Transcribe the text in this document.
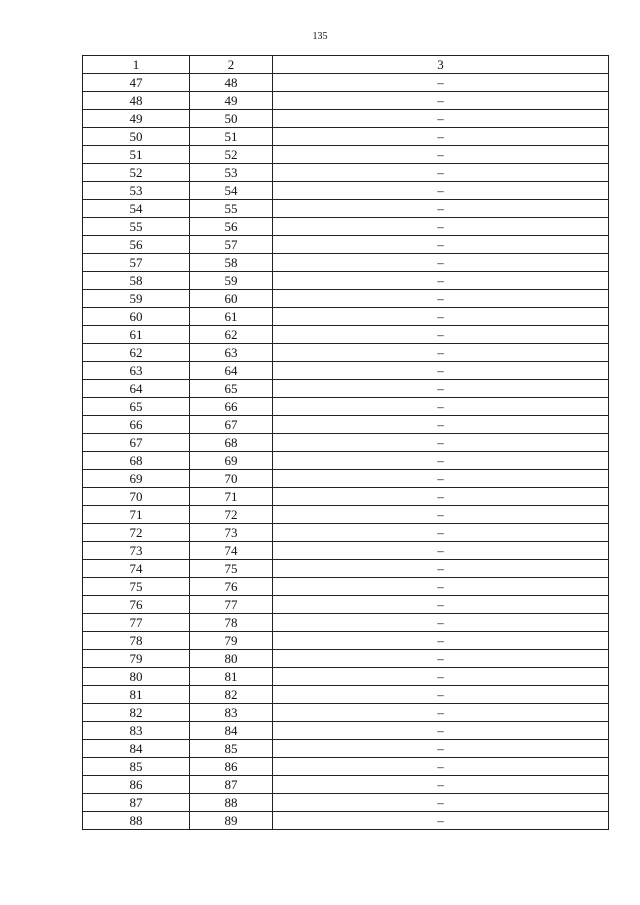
135
1	2	3
47	48	–
48	49	–
49	50	–
50	51	–
51	52	–
52	53	–
53	54	–
54	55	–
55	56	–
56	57	–
57	58	–
58	59	–
59	60	–
60	61	–
61	62	–
62	63	–
63	64	–
64	65	–
65	66	–
66	67	–
67	68	–
68	69	–
69	70	–
70	71	–
71	72	–
72	73	–
73	74	–
74	75	–
75	76	–
76	77	–
77	78	–
78	79	–
79	80	–
80	81	–
81	82	–
82	83	–
83	84	–
84	85	–
85	86	–
86	87	–
87	88	–
88	89	–
